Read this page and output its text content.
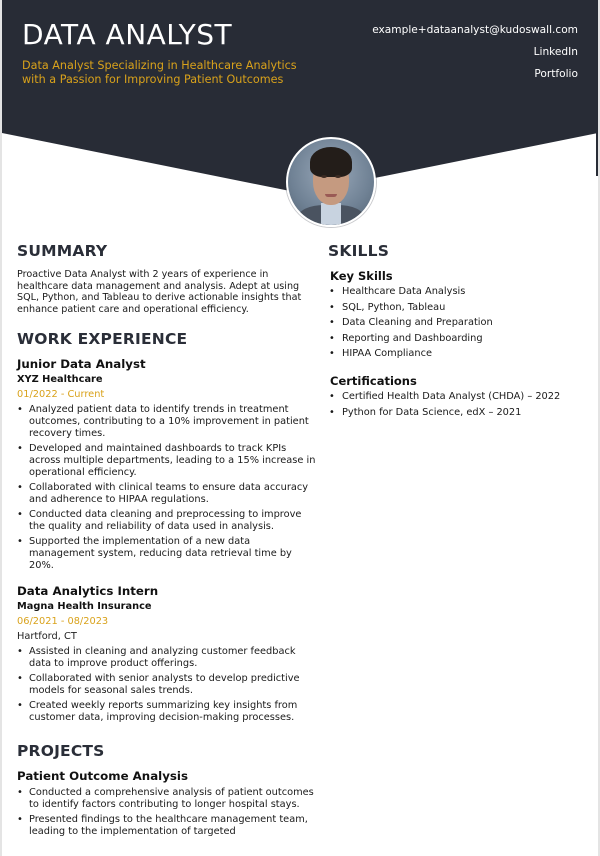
DATA ANALYST
Data Analyst Specializing in Healthcare Analytics with a Passion for Improving Patient Outcomes
example+dataanalyst@kudoswall.com
LinkedIn
Portfolio
SUMMARY

Proactive Data Analyst with 2 years of experience in healthcare data management and analysis. Adept at using SQL, Python, and Tableau to derive actionable insights that enhance patient care and operational efficiency.

WORK EXPERIENCE
Junior Data Analyst
XYZ Healthcare
01/2022 - Current
• Analyzed patient data to identify trends in treatment outcomes, contributing to a 10% improvement in patient recovery times.
• Developed and maintained dashboards to track KPIs across multiple departments, leading to a 15% increase in operational efficiency.
• Collaborated with clinical teams to ensure data accuracy and adherence to HIPAA regulations.
• Conducted data cleaning and preprocessing to improve the quality and reliability of data used in analysis.
• Supported the implementation of a new data management system, reducing data retrieval time by 20%.
Data Analytics Intern
Magna Health Insurance
06/2021 - 08/2023
Hartford, CT
• Assisted in cleaning and analyzing customer feedback data to improve product offerings.
• Collaborated with senior analysts to develop predictive models for seasonal sales trends.
• Created weekly reports summarizing key insights from customer data, improving decision-making processes.
PROJECTS
Patient Outcome Analysis
• Conducted a comprehensive analysis of patient outcomes to identify factors contributing to longer hospital stays.
• Presented findings to the healthcare management team, leading to the implementation of targeted
SKILLS
Key Skills
• Healthcare Data Analysis
• SQL, Python, Tableau
• Data Cleaning and Preparation
• Reporting and Dashboarding
• HIPAA Compliance
Certifications
• Certified Health Data Analyst (CHDA) – 2022
• Python for Data Science, edX – 2021
